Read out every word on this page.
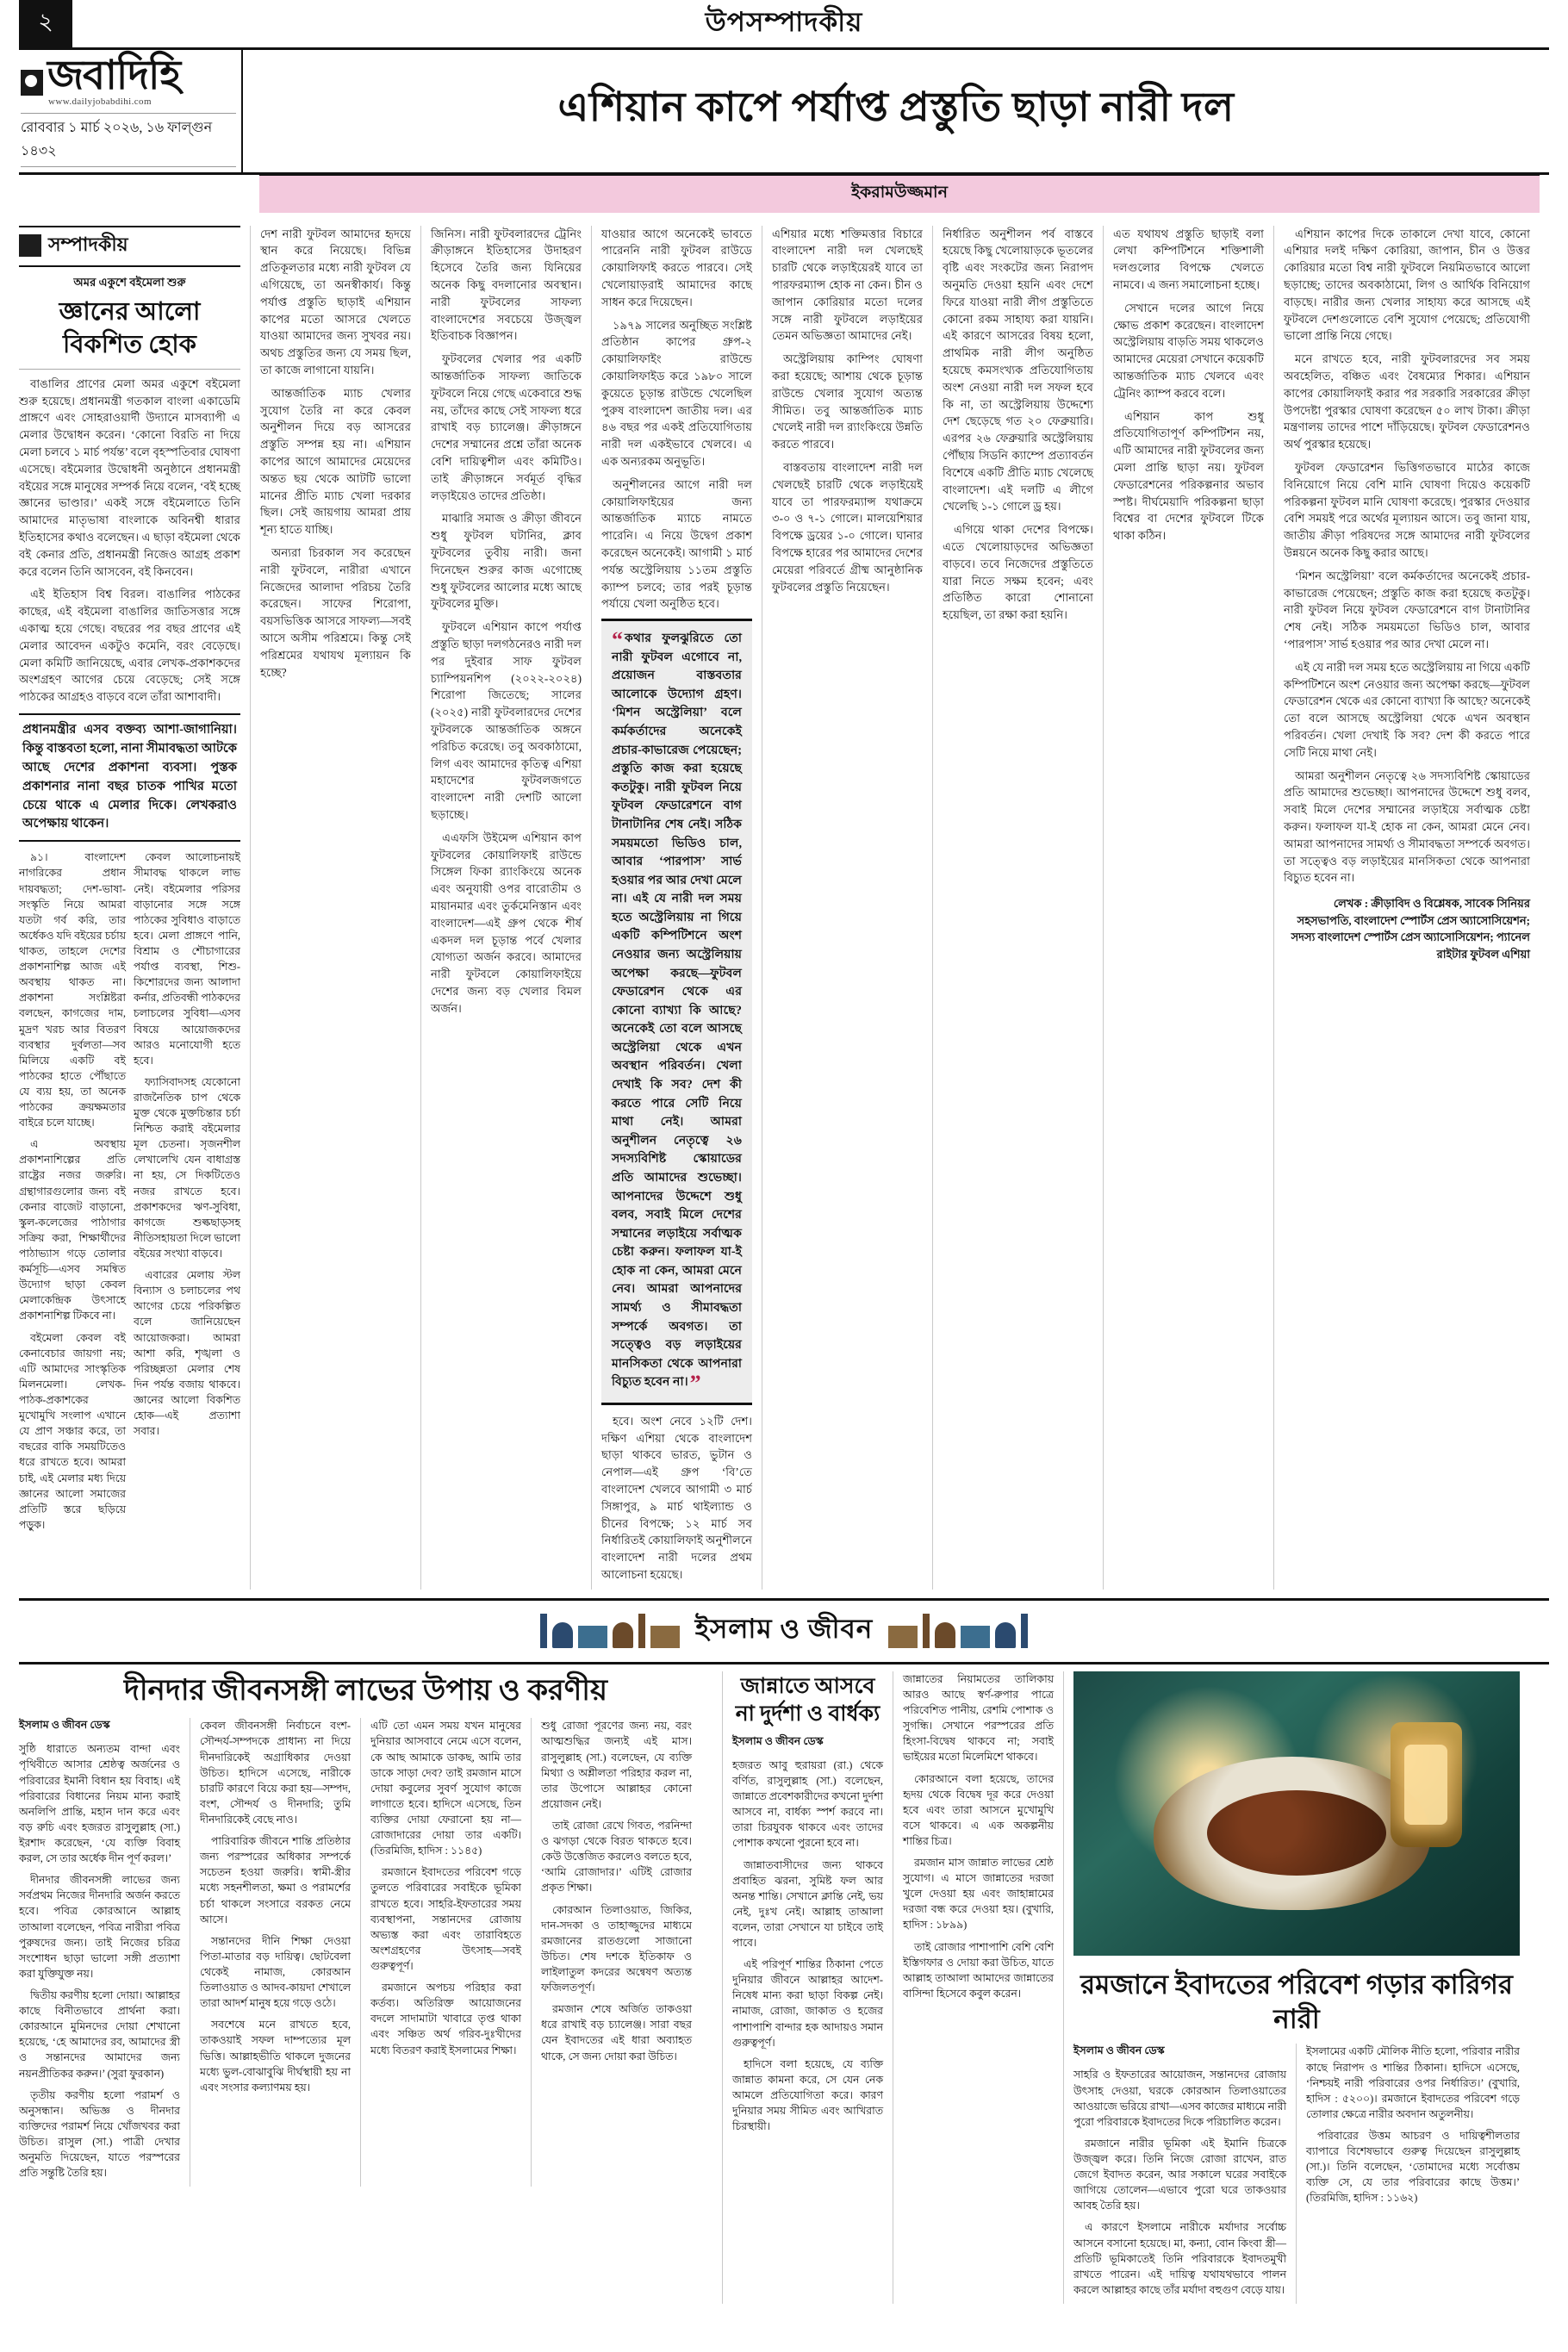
২	উপসম্পাদকীয়
জবাদিহি
www.dailyjobabdihi.com
রোববার ১ মার্চ ২০২৬, ১৬ ফাল্গুন ১৪৩২
এশিয়ান কাপে পর্যাপ্ত প্রস্তুতি ছাড়া নারী দল
ইকরামউজ্জমান
সম্পাদকীয়

অমর একুশে বইমেলা শুরু

জ্ঞানের আলো বিকশিত হোক

বাঙালির প্রাণের মেলা অমর একুশে বইমেলা শুরু হয়েছে। প্রধানমন্ত্রী গতকাল বাংলা একাডেমি প্রাঙ্গণে এবং সোহরাওয়ার্দী উদ্যানে মাসব্যাপী এ মেলার উদ্বোধন করেন। ‘কোনো বিরতি না দিয়ে মেলা চলবে ১ মার্চ পর্যন্ত’ বলে বৃহস্পতিবার ঘোষণা এসেছে। বইমেলার উদ্বোধনী অনুষ্ঠানে প্রধানমন্ত্রী বইয়ের সঙ্গে মানুষের সম্পর্ক নিয়ে বলেন, ‘বই হচ্ছে জ্ঞানের ভাণ্ডার।’ একই সঙ্গে বইমেলাতে তিনি আমাদের মাতৃভাষা বাংলাকে অবিনশ্বী ধারার ইতিহাসের কথাও বলেছেন। এ ছাড়া বইমেলা থেকে বই কেনার প্রতি, প্রধানমন্ত্রী নিজেও আগ্রহ প্রকাশ করে বলেন তিনি আসবেন, বই কিনবেন।

এই ইতিহাস বিশ্ব বিরল। বাঙালির পাঠকের কাছের, এই বইমেলা বাঙালির জাতিসত্তার সঙ্গে একাত্ম হয়ে গেছে। বছরের পর বছর প্রাণের এই মেলার আবেদন একটুও কমেনি, বরং বেড়েছে। মেলা কমিটি জানিয়েছে, এবার লেখক-প্রকাশকদের অংশগ্রহণ আগের চেয়ে বেড়েছে; সেই সঙ্গে পাঠকের আগ্রহও বাড়বে বলে তাঁরা আশাবাদী।

প্রধানমন্ত্রীর এসব বক্তব্য আশা-জাগানিয়া। কিন্তু বাস্তবতা হলো, নানা সীমাবদ্ধতা আটকে আছে দেশের প্রকাশনা ব্যবসা। পুস্তক প্রকাশনার নানা বছর চাতক পাখির মতো চেয়ে থাকে এ মেলার দিকে। লেখকরাও অপেক্ষায় থাকেন।

৯১। বাংলাদেশ নাগরিকের প্রধান দায়বদ্ধতা; দেশ-ভাষা-সংস্কৃতি নিয়ে আমরা যতটা গর্ব করি, তার অর্ধেকও যদি বইয়ের চর্চায় থাকত, তাহলে দেশের প্রকাশনাশিল্প আজ এই অবস্থায় থাকত না। প্রকাশনা সংশ্লিষ্টরা বলছেন, কাগজের দাম, মুদ্রণ খরচ আর বিতরণ ব্যবস্থার দুর্বলতা—সব মিলিয়ে একটি বই পাঠকের হাতে পৌঁছাতে যে ব্যয় হয়, তা অনেক পাঠকের ক্রয়ক্ষমতার বাইরে চলে যাচ্ছে।

এ অবস্থায় প্রকাশনাশিল্পের প্রতি রাষ্ট্রের নজর জরুরি। গ্রন্থাগারগুলোর জন্য বই কেনার বাজেট বাড়ানো, স্কুল-কলেজের পাঠাগার সক্রিয় করা, শিক্ষার্থীদের পাঠাভ্যাস গড়ে তোলার কর্মসূচি—এসব সমন্বিত উদ্যোগ ছাড়া কেবল মেলাকেন্দ্রিক উৎসাহে প্রকাশনাশিল্প টিকবে না।

বইমেলা কেবল বই কেনাবেচার জায়গা নয়; এটি আমাদের সাংস্কৃতিক মিলনমেলা। লেখক-পাঠক-প্রকাশকের মুখোমুখি সংলাপ এখানে যে প্রাণ সঞ্চার করে, তা বছরের বাকি সময়টিতেও ধরে রাখতে হবে। আমরা চাই, এই মেলার মধ্য দিয়ে জ্ঞানের আলো সমাজের প্রতিটি স্তরে ছড়িয়ে পড়ুক।

কেবল আলোচনায়ই সীমাবদ্ধ থাকলে লাভ নেই। বইমেলার পরিসর বাড়ানোর সঙ্গে সঙ্গে পাঠকের সুবিধাও বাড়াতে হবে। মেলা প্রাঙ্গণে পানি, বিশ্রাম ও শৌচাগারের পর্যাপ্ত ব্যবস্থা, শিশু-কিশোরদের জন্য আলাদা কর্নার, প্রতিবন্ধী পাঠকদের চলাচলের সুবিধা—এসব বিষয়ে আয়োজকদের আরও মনোযোগী হতে হবে।

ফ্যাসিবাদসহ যেকোনো রাজনৈতিক চাপ থেকে মুক্ত থেকে মুক্তচিন্তার চর্চা নিশ্চিত করাই বইমেলার মূল চেতনা। সৃজনশীল লেখালেখি যেন বাধাগ্রস্ত না হয়, সে দিকটিতেও নজর রাখতে হবে। প্রকাশকদের ঋণ-সুবিধা, কাগজে শুল্কছাড়সহ নীতিসহায়তা দিলে ভালো বইয়ের সংখ্যা বাড়বে।

এবারের মেলায় স্টল বিন্যাস ও চলাচলের পথ আগের চেয়ে পরিকল্পিত বলে জানিয়েছেন আয়োজকরা। আমরা আশা করি, শৃঙ্খলা ও পরিচ্ছন্নতা মেলার শেষ দিন পর্যন্ত বজায় থাকবে। জ্ঞানের আলো বিকশিত হোক—এই প্রত্যাশা সবার।

দেশ নারী ফুটবল আমাদের হৃদয়ে স্থান করে নিয়েছে। বিভিন্ন প্রতিকূলতার মধ্যে নারী ফুটবল যে এগিয়েছে, তা অনস্বীকার্য। কিন্তু পর্যাপ্ত প্রস্তুতি ছাড়াই এশিয়ান কাপের মতো আসরে খেলতে যাওয়া আমাদের জন্য সুখবর নয়। অথচ প্রস্তুতির জন্য যে সময় ছিল, তা কাজে লাগানো যায়নি।

আন্তর্জাতিক ম্যাচ খেলার সুযোগ তৈরি না করে কেবল অনুশীলন দিয়ে বড় আসরের প্রস্তুতি সম্পন্ন হয় না। এশিয়ান কাপের আগে আমাদের মেয়েদের অন্তত ছয় থেকে আটটি ভালো মানের প্রীতি ম্যাচ খেলা দরকার ছিল। সেই জায়গায় আমরা প্রায় শূন্য হাতে যাচ্ছি।

অন্যরা চিরকাল সব করেছেন নারী ফুটবলে, নারীরা এখানে নিজেদের আলাদা পরিচয় তৈরি করেছেন। সাফের শিরোপা, বয়সভিত্তিক আসরে সাফল্য—সবই আসে অসীম পরিশ্রমে। কিন্তু সেই পরিশ্রমের যথাযথ মূল্যায়ন কি হচ্ছে?

জিনিস। নারী ফুটবলারদের ট্রেনিং ক্রীড়াঙ্গনে ইতিহাসের উদাহরণ হিসেবে তৈরি জন্য যিনিয়ের অনেক কিছু বদলানোর অবস্থান। নারী ফুটবলের সাফল্য বাংলাদেশের সবচেয়ে উজ্জ্বল ইতিবাচক বিজ্ঞাপন।

ফুটবলের খেলার পর একটি আন্তর্জাতিক সাফল্য জাতিকে ফুটবলে নিয়ে গেছে একেবারে শুদ্ধ নয়, তাঁদের কাছে সেই সাফল্য ধরে রাখাই বড় চ্যালেঞ্জ। ক্রীড়াঙ্গনে দেশের সম্মানের প্রশ্নে তাঁরা অনেক বেশি দায়িত্বশীল এবং কমিটিও। তাই ক্রীড়াঙ্গনে সর্বমূর্ত বৃদ্ধির লড়াইয়েও তাদের প্রতিষ্ঠা।

মাঝারি সমাজ ও ক্রীড়া জীবনে শুধু ফুটবল ঘটানির, ক্লাব ফুটবলের তুবীয় নারী। জনা দিনেছেন শুরুর কাজ এগোচ্ছে শুধু ফুটবলের আলোর মধ্যে আছে ফুটবলের মুক্তি।

ফুটবলে এশিয়ান কাপে পর্যাপ্ত প্রস্তুতি ছাড়া দলগঠনেরও নারী দল পর দুইবার সাফ ফুটবল চ্যাম্পিয়নশিপ (২০২২-২০২৪) শিরোপা জিতেছে; সালের (২০২৫) নারী ফুটবলারদের দেশের ফুটবলকে আন্তর্জাতিক অঙ্গনে পরিচিত করেছে। তবু অবকাঠামো, লিগ এবং আমাদের কৃতিত্ব এশিয়া মহাদেশের ফুটবলজগতে বাংলাদেশ নারী দেশটি আলো ছড়াচ্ছে।

এএফসি উইমেন্স এশিয়ান কাপ ফুটবলের কোয়ালিফাই রাউন্ডে সিঙ্গেল ফিকা র‍্যাংকিংয়ে অনেক এবং অনুযায়ী ওপর বারোতীম ও মায়ানমার এবং তুর্কমেনিস্তান এবং বাংলাদেশ—এই গ্রুপ থেকে শীর্ষ একদল দল চূড়ান্ত পর্বে খেলার যোগ্যতা অর্জন করবে। আমাদের নারী ফুটবলে কোয়ালিফাইয়ে দেশের জন্য বড় খেলার বিমল অর্জন।

যাওয়ার আগে অনেকেই ভাবতে পারেননি নারী ফুটবল রাউডে কোয়ালিফাই করতে পারবে। সেই খেলোয়াড়রাই আমাদের কাছে সাধন করে দিয়েছেন।

১৯৭৯ সালের অনুচ্ছিত সংশ্লিষ্ট প্রতিষ্ঠান কাপের গ্রুপ-২ কোয়ালিফাইং রাউন্ডে কোয়ালিফাইড করে ১৯৮০ সালে কুয়েতে চূড়ান্ত রাউন্ডে খেলেছিল পুরুষ বাংলাদেশ জাতীয় দল। এর ৪৬ বছর পর একই প্রতিযোগিতায় নারী দল একইভাবে খেলবে। এ এক অন্যরকম অনুভূতি।

অনুশীলনের আগে নারী দল কোয়ালিফাইয়ের জন্য আন্তর্জাতিক ম্যাচে নামতে পারেনি। এ নিয়ে উদ্বেগ প্রকাশ করেছেন অনেকেই। আগামী ১ মার্চ পর্যন্ত অস্ট্রেলিয়ায় ১১তম প্রস্তুতি ক্যাম্প চলবে; তার পরই চূড়ান্ত পর্যায়ে খেলা অনুষ্ঠিত হবে।

“ কথার ফুলঝুরিতে তো নারী ফুটবল এগোবে না, প্রয়োজন বাস্তবতার আলোকে উদ্যোগ গ্রহণ। ‘মিশন অস্ট্রেলিয়া’ বলে কর্মকর্তাদের অনেকেই প্রচার-কাভারেজ পেয়েছেন; প্রস্তুতি কাজ করা হয়েছে কতটুকু। নারী ফুটবল নিয়ে ফুটবল ফেডারেশনে বাগ টানাটানির শেষ নেই। সঠিক সময়মতো ভিডিও চাল, আবার ‘পারপাস’ সার্ভ হওয়ার পর আর দেখা মেলে না। এই যে নারী দল সময় হতে অস্ট্রেলিয়ায় না গিয়ে একটি কম্পিটিশনে অংশ নেওয়ার জন্য অস্ট্রেলিয়ায় অপেক্ষা করছে—ফুটবল ফেডারেশন থেকে এর কোনো ব্যাখ্যা কি আছে? অনেকেই তো বলে আসছে অস্ট্রেলিয়া থেকে এখন অবস্থান পরিবর্তন। খেলা দেখাই কি সব? দেশ কী করতে পারে সেটি নিয়ে মাথা নেই। আমরা অনুশীলন নেতৃত্বে ২৬ সদস্যবিশিষ্ট স্কোয়াডের প্রতি আমাদের শুভেচ্ছা। আপনাদের উদ্দেশে শুধু বলব, সবাই মিলে দেশের সম্মানের লড়াইয়ে সর্বাত্মক চেষ্টা করুন। ফলাফল যা-ই হোক না কেন, আমরা মেনে নেব। আমরা আপনাদের সামর্থ্য ও সীমাবদ্ধতা সম্পর্কে অবগত। তা সত্ত্বেও বড় লড়াইয়ের মানসিকতা থেকে আপনারা বিচ্যুত হবেন না।”

হবে। অংশ নেবে ১২টি দেশ। দক্ষিণ এশিয়া থেকে বাংলাদেশ ছাড়া থাকবে ভারত, ভুটান ও নেপাল—এই গ্রুপ ‘বি’তে বাংলাদেশ খেলবে আগামী ৩ মার্চ সিঙ্গাপুর, ৯ মার্চ থাইল্যান্ড ও চীনের বিপক্ষে; ১২ মার্চ সব নির্ধারিতই কোয়ালিফাই অনুশীলনে বাংলাদেশ নারী দলের প্রথম আলোচনা হয়েছে।

এশিয়ার মধ্যে শক্তিমত্তার বিচারে বাংলাদেশ নারী দল খেলছেই চারটি থেকে লড়াইয়েরই যাবে তা পারফরম্যান্স হোক না কেন। চীন ও জাপান কোরিয়ার মতো দলের সঙ্গে নারী ফুটবলে লড়াইয়ের তেমন অভিজ্ঞতা আমাদের নেই।

অস্ট্রেলিয়ায় কাম্পিং ঘোষণা করা হয়েছে; আশায় থেকে চূড়ান্ত রাউন্ডে খেলার সুযোগ অত্যন্ত সীমিত। তবু আন্তর্জাতিক ম্যাচ খেলেই নারী দল র‍্যাংকিংয়ে উন্নতি করতে পারবে।

বাস্তবতায় বাংলাদেশ নারী দল খেলছেই চারটি থেকে লড়াইয়েই যাবে তা পারফরম্যান্স যথাক্রমে ৩-০ ও ৭-১ গোলে। মালয়েশিয়ার বিপক্ষে ড্রয়ের ১-০ গোলে। ঘানার বিপক্ষে হারের পর আমাদের দেশের মেয়েরা পরিবর্তে গ্রীষ্ম আনুষ্ঠানিক ফুটবলের প্রস্তুতি নিয়েছেন।

নির্ধারিত অনুশীলন পর্ব বাস্তবে হয়েছে কিছু খেলোয়াড়কে ভূতলের বৃষ্টি এবং সংকটের জন্য নিরাপদ অনুমতি দেওয়া হয়নি এবং দেশে ফিরে যাওয়া নারী লীগ প্রস্তুতিতে কোনো রকম সাহায্য করা যায়নি। এই কারণে আসরের বিষয় হলো, প্রাথমিক নারী লীগ অনুষ্ঠিত হয়েছে কমসংখ্যক প্রতিযোগিতায় অংশ নেওয়া নারী দল সফল হবে কি না, তা অস্ট্রেলিয়ায় উদ্দেশ্যে দেশ ছেড়েছে গত ২০ ফেব্রুয়ারি। এরপর ২৬ ফেব্রুয়ারি অস্ট্রেলিয়ায় পৌঁছায় সিডনি ক্যাম্পে প্রত্যাবর্তন বিশেষে একটি প্রীতি ম্যাচ খেলেছে বাংলাদেশ। এই দলটি এ লীগে খেলেছি ১-১ গোলে ড্র হয়।

এগিয়ে থাকা দেশের বিপক্ষে। এতে খেলোয়াড়দের অভিজ্ঞতা বাড়বে। তবে নিজেদের প্রস্তুতিতে যারা নিতে সক্ষম হবেন; এবং প্রতিষ্ঠিত কারো শোনানো হয়েছিল, তা রক্ষা করা হয়নি।

এত যথাযথ প্রস্তুতি ছাড়াই বলা লেখা কম্পিটিশনে শক্তিশালী দলগুলোর বিপক্ষে খেলতে নামবে। এ জন্য সমালোচনা হচ্ছে।

সেখানে দলের আগে নিয়ে ক্ষোভ প্রকাশ করেছেন। বাংলাদেশ অস্ট্রেলিয়ায় বাড়তি সময় থাকলেও আমাদের মেয়েরা সেখানে কয়েকটি আন্তর্জাতিক ম্যাচ খেলবে এবং ট্রেনিং ক্যাম্প করবে বলে।

এশিয়ান কাপ শুধু প্রতিযোগিতাপূর্ণ কম্পিটিশন নয়, এটি আমাদের নারী ফুটবলের জন্য মেলা প্রান্তি ছাড়া নয়। ফুটবল ফেডারেশনের পরিকল্পনার অভাব স্পষ্ট। দীর্ঘমেয়াদি পরিকল্পনা ছাড়া বিশ্বের বা দেশের ফুটবলে টিকে থাকা কঠিন।

এশিয়ান কাপের দিকে তাকালে দেখা যাবে, কোনো এশিয়ার দলই দক্ষিণ কোরিয়া, জাপান, চীন ও উত্তর কোরিয়ার মতো বিশ্ব নারী ফুটবলে নিয়মিতভাবে আলো ছড়াচ্ছে; তাদের অবকাঠামো, লিগ ও আর্থিক বিনিয়োগ বাড়ছে। নারীর জন্য খেলার সাহায্য করে আসছে এই ফুটবলে দেশগুলোতে বেশি সুযোগ পেয়েছে; প্রতিযোগী ভালো প্রান্তি নিয়ে গেছে।

মনে রাখতে হবে, নারী ফুটবলারদের সব সময় অবহেলিত, বঞ্চিত এবং বৈষম্যের শিকার। এশিয়ান কাপের কোয়ালিফাই করার পর সরকারি সরকারের ক্রীড়া উপদেষ্টা পুরস্কার ঘোষণা করেছেন ৫০ লাখ টাকা। ক্রীড়া মন্ত্রণালয় তাদের পাশে দাঁড়িয়েছে। ফুটবল ফেডারেশনও অর্থ পুরস্কার হয়েছে।

ফুটবল ফেডারেশন ভিত্তিগতভাবে মাঠের কাজে বিনিয়োগে নিয়ে বেশি মানি ঘোষণা দিয়েও কয়েকটি পরিকল্পনা ফুটবল মানি ঘোষণা করেছে। পুরস্কার দেওয়ার বেশি সময়ই পরে অর্থের মূল্যায়ন আসে। তবু জানা যায়, জাতীয় ক্রীড়া পরিষদের সঙ্গে আমাদের নারী ফুটবলের উন্নয়নে অনেক কিছু করার আছে।

‘মিশন অস্ট্রেলিয়া’ বলে কর্মকর্তাদের অনেকেই প্রচার-কাভারেজ পেয়েছেন; প্রস্তুতি কাজ করা হয়েছে কতটুকু। নারী ফুটবল নিয়ে ফুটবল ফেডারেশনে বাগ টানাটানির শেষ নেই। সঠিক সময়মতো ভিডিও চাল, আবার ‘পারপাস’ সার্ভ হওয়ার পর আর দেখা মেলে না।

এই যে নারী দল সময় হতে অস্ট্রেলিয়ায় না গিয়ে একটি কম্পিটিশনে অংশ নেওয়ার জন্য অপেক্ষা করছে—ফুটবল ফেডারেশন থেকে এর কোনো ব্যাখ্যা কি আছে? অনেকেই তো বলে আসছে অস্ট্রেলিয়া থেকে এখন অবস্থান পরিবর্তন। খেলা দেখাই কি সব? দেশ কী করতে পারে সেটি নিয়ে মাথা নেই।

আমরা অনুশীলন নেতৃত্বে ২৬ সদস্যবিশিষ্ট স্কোয়াডের প্রতি আমাদের শুভেচ্ছা। আপনাদের উদ্দেশে শুধু বলব, সবাই মিলে দেশের সম্মানের লড়াইয়ে সর্বাত্মক চেষ্টা করুন। ফলাফল যা-ই হোক না কেন, আমরা মেনে নেব। আমরা আপনাদের সামর্থ্য ও সীমাবদ্ধতা সম্পর্কে অবগত। তা সত্ত্বেও বড় লড়াইয়ের মানসিকতা থেকে আপনারা বিচ্যুত হবেন না।

লেখক : ক্রীড়াবিদ ও বিশ্লেষক, সাবেক সিনিয়র সহসভাপতি, বাংলাদেশ স্পোর্টস প্রেস অ্যাসোসিয়েশন; সদস্য বাংলাদেশ স্পোর্টস প্রেস অ্যাসোসিয়েশন; প্যানেল রাইটার ফুটবল এশিয়া
ইসলাম ও জীবন
দীনদার জীবনসঙ্গী লাভের উপায় ও করণীয়
ইসলাম ও জীবন ডেস্ক

সুষ্ঠি ধারাতে অন্যতম বান্দা এবং পৃথিবীতে আসার শ্রেষ্ঠত্ব অর্জনের ও পরিবারের ইমানী বিধান হয় বিবাহ। এই পরিবারের বিধানের নিয়ম মান্য করাই অনলিপি প্রান্তি, মহান দান করে এবং বড় রুচি এবং হজরত রাসুলুল্লাহ (সা.) ইরশাদ করেছেন, ‘যে ব্যক্তি বিবাহ করল, সে তার অর্ধেক দীন পূর্ণ করল।’

দীনদার জীবনসঙ্গী লাভের জন্য সর্বপ্রথম নিজের দীনদারি অর্জন করতে হবে। পবিত্র কোরআনে আল্লাহ তাআলা বলেছেন, পবিত্র নারীরা পবিত্র পুরুষদের জন্য। তাই নিজের চরিত্র সংশোধন ছাড়া ভালো সঙ্গী প্রত্যাশা করা যুক্তিযুক্ত নয়।

দ্বিতীয় করণীয় হলো দোয়া। আল্লাহর কাছে বিনীতভাবে প্রার্থনা করা। কোরআনে মুমিনদের দোয়া শেখানো হয়েছে, ‘হে আমাদের রব, আমাদের স্ত্রী ও সন্তানদের আমাদের জন্য নয়নপ্রীতিকর করুন।’ (সুরা ফুরকান)

তৃতীয় করণীয় হলো পরামর্শ ও অনুসন্ধান। অভিজ্ঞ ও দীনদার ব্যক্তিদের পরামর্শ নিয়ে খোঁজখবর করা উচিত। রাসুল (সা.) পাত্রী দেখার অনুমতি দিয়েছেন, যাতে পরস্পরের প্রতি সন্তুষ্টি তৈরি হয়।

কেবল জীবনসঙ্গী নির্বাচনে বংশ-সৌন্দর্য-সম্পদকে প্রাধান্য না দিয়ে দীনদারিকেই অগ্রাধিকার দেওয়া উচিত। হাদিসে এসেছে, নারীকে চারটি কারণে বিয়ে করা হয়—সম্পদ, বংশ, সৌন্দর্য ও দীনদারি; তুমি দীনদারিকেই বেছে নাও।

পারিবারিক জীবনে শান্তি প্রতিষ্ঠার জন্য পরস্পরের অধিকার সম্পর্কে সচেতন হওয়া জরুরি। স্বামী-স্ত্রীর মধ্যে সহনশীলতা, ক্ষমা ও পরামর্শের চর্চা থাকলে সংসারে বরকত নেমে আসে।

সন্তানদের দীনি শিক্ষা দেওয়া পিতা-মাতার বড় দায়িত্ব। ছোটবেলা থেকেই নামাজ, কোরআন তিলাওয়াত ও আদব-কায়দা শেখালে তারা আদর্শ মানুষ হয়ে গড়ে ওঠে।

সবশেষে মনে রাখতে হবে, তাকওয়াই সফল দাম্পত্যের মূল ভিত্তি। আল্লাহভীতি থাকলে দুজনের মধ্যে ভুল-বোঝাবুঝি দীর্ঘস্থায়ী হয় না এবং সংসার কল্যাণময় হয়।

এটি তো এমন সময় যখন মানুষের দুনিয়ার আসবাবে নেমে এসে বলেন, কে আছ আমাকে ডাকছ, আমি তার ডাকে সাড়া দেব? তাই রমজান মাসে দোয়া কবুলের সুবর্ণ সুযোগ কাজে লাগাতে হবে। হাদিসে এসেছে, তিন ব্যক্তির দোয়া ফেরানো হয় না—রোজাদারের দোয়া তার একটি। (তিরমিজি, হাদিস : ১১৪৫)

রমজানে ইবাদতের পরিবেশ গড়ে তুলতে পরিবারের সবাইকে ভূমিকা রাখতে হবে। সাহরি-ইফতারের সময় ব্যবস্থাপনা, সন্তানদের রোজায় অভ্যস্ত করা এবং তারাবিহতে অংশগ্রহণের উৎসাহ—সবই গুরুত্বপূর্ণ।

রমজানে অপচয় পরিহার করা কর্তব্য। অতিরিক্ত আয়োজনের বদলে সাদামাটা খাবারে তৃপ্ত থাকা এবং সঞ্চিত অর্থ গরিব-দুঃখীদের মধ্যে বিতরণ করাই ইসলামের শিক্ষা।

শুধু রোজা পূরণের জন্য নয়, বরং আত্মশুদ্ধির জন্যই এই মাস। রাসুলুল্লাহ (সা.) বলেছেন, যে ব্যক্তি মিথ্যা ও অশ্লীলতা পরিহার করল না, তার উপোসে আল্লাহর কোনো প্রয়োজন নেই।

তাই রোজা রেখে গিবত, পরনিন্দা ও ঝগড়া থেকে বিরত থাকতে হবে। কেউ উত্তেজিত করলেও বলতে হবে, ‘আমি রোজাদার।’ এটিই রোজার প্রকৃত শিক্ষা।

কোরআন তিলাওয়াত, জিকির, দান-সদকা ও তাহাজ্জুদের মাধ্যমে রমজানের রাতগুলো সাজানো উচিত। শেষ দশকে ইতিকাফ ও লাইলাতুল কদরের অন্বেষণ অত্যন্ত ফজিলতপূর্ণ।

রমজান শেষে অর্জিত তাকওয়া ধরে রাখাই বড় চ্যালেঞ্জ। সারা বছর যেন ইবাদতের এই ধারা অব্যাহত থাকে, সে জন্য দোয়া করা উচিত।

জান্নাতে আসবে না দুর্দশা ও বার্ধক্য
ইসলাম ও জীবন ডেস্ক

হজরত আবু হুরায়রা (রা.) থেকে বর্ণিত, রাসুলুল্লাহ (সা.) বলেছেন, জান্নাতে প্রবেশকারীদের কখনো দুর্দশা আসবে না, বার্ধক্য স্পর্শ করবে না। তারা চিরযুবক থাকবে এবং তাদের পোশাক কখনো পুরনো হবে না।

জান্নাতবাসীদের জন্য থাকবে প্রবাহিত ঝরনা, সুমিষ্ট ফল আর অনন্ত শান্তি। সেখানে ক্লান্তি নেই, ভয় নেই, দুঃখ নেই। আল্লাহ তাআলা বলেন, তারা সেখানে যা চাইবে তাই পাবে।

এই পরিপূর্ণ শান্তির ঠিকানা পেতে দুনিয়ার জীবনে আল্লাহর আদেশ-নিষেধ মান্য করা ছাড়া বিকল্প নেই। নামাজ, রোজা, জাকাত ও হজের পাশাপাশি বান্দার হক আদায়ও সমান গুরুত্বপূর্ণ।

হাদিসে বলা হয়েছে, যে ব্যক্তি জান্নাত কামনা করে, সে যেন নেক আমলে প্রতিযোগিতা করে। কারণ দুনিয়ার সময় সীমিত এবং আখিরাত চিরস্থায়ী।

জান্নাতের নিয়ামতের তালিকায় আরও আছে স্বর্ণ-রুপার পাত্রে পরিবেশিত পানীয়, রেশমি পোশাক ও সুগন্ধি। সেখানে পরস্পরের প্রতি হিংসা-বিদ্বেষ থাকবে না; সবাই ভাইয়ের মতো মিলেমিশে থাকবে।

কোরআনে বলা হয়েছে, তাদের হৃদয় থেকে বিদ্বেষ দূর করে দেওয়া হবে এবং তারা আসনে মুখোমুখি বসে থাকবে। এ এক অকল্পনীয় শান্তির চিত্র।

রমজান মাস জান্নাত লাভের শ্রেষ্ঠ সুযোগ। এ মাসে জান্নাতের দরজা খুলে দেওয়া হয় এবং জাহান্নামের দরজা বন্ধ করে দেওয়া হয়। (বুখারি, হাদিস : ১৮৯৯)

তাই রোজার পাশাপাশি বেশি বেশি ইস্তিগফার ও দোয়া করা উচিত, যাতে আল্লাহ তাআলা আমাদের জান্নাতের বাসিন্দা হিসেবে কবুল করেন।	রমজানে ইবাদতের পরিবেশ গড়ার কারিগর নারী
ইসলাম ও জীবন ডেস্ক

সাহরি ও ইফতারের আয়োজন, সন্তানদের রোজায় উৎসাহ দেওয়া, ঘরকে কোরআন তিলাওয়াতের আওয়াজে ভরিয়ে রাখা—এসব কাজের মাধ্যমে নারী পুরো পরিবারকে ইবাদতের দিকে পরিচালিত করেন।

রমজানে নারীর ভূমিকা এই ইমানি চিত্রকে উজ্জ্বল করে। তিনি নিজে রোজা রাখেন, রাত জেগে ইবাদত করেন, আর সকালে ঘরের সবাইকে জাগিয়ে তোলেন—এভাবে পুরো ঘরে তাকওয়ার আবহ তৈরি হয়।

এ কারণে ইসলামে নারীকে মর্যাদার সর্বোচ্চ আসনে বসানো হয়েছে। মা, কন্যা, বোন কিংবা স্ত্রী—প্রতিটি ভূমিকাতেই তিনি পরিবারকে ইবাদতমুখী রাখতে পারেন। এই দায়িত্ব যথাযথভাবে পালন করলে আল্লাহর কাছে তাঁর মর্যাদা বহুগুণ বেড়ে যায়।

ইসলামের একটি মৌলিক নীতি হলো, পরিবার নারীর কাছে নিরাপদ ও শান্তির ঠিকানা। হাদিসে এসেছে, ‘নিশ্চয়ই নারী পরিবারের ওপর নির্ধারিত।’ (বুখারি, হাদিস : ৫২০০)। রমজানে ইবাদতের পরিবেশ গড়ে তোলার ক্ষেত্রে নারীর অবদান অতুলনীয়।

পরিবারের উত্তম আচরণ ও দায়িত্বশীলতার ব্যাপারে বিশেষভাবে গুরুত্ব দিয়েছেন রাসুলুল্লাহ (সা.)। তিনি বলেছেন, ‘তোমাদের মধ্যে সর্বোত্তম ব্যক্তি সে, যে তার পরিবারের কাছে উত্তম।’ (তিরমিজি, হাদিস : ১১৬২)
